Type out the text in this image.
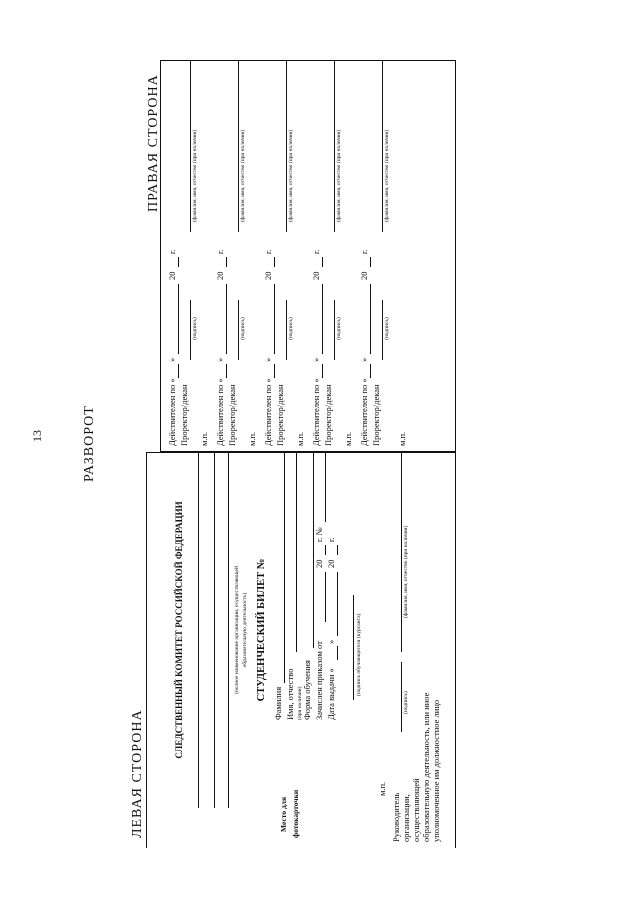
13	РАЗВОРОТ
ЛЕВАЯ СТОРОНА
ПРАВАЯ СТОРОНА
СЛЕДСТВЕННЫЙ КОМИТЕТ РОССИЙСКОЙ ФЕДЕРАЦИИ	(полное наименование организации, осуществляющей образовательную деятельность) СТУДЕНЧЕСКИЙ БИЛЕТ №
Место для фотокарточки
Фамилия Имя, отчество (при наличии) Форма обучения Зачислен приказом от
20
г. №
Дата выдачи «
»
20
г.
(подпись обучающегося (курсанта)
м.п.
Руководитель организации, осуществляющей образовательную деятельность, или иное уполномоченное им должностное лицо
(подпись)
(фамилия, имя, отчество (при наличии)
Действителен по «
»
20
г.
Проректор/декан
(подпись)
(фамилия, имя, отчество (при наличии)
м.п. Действителен по «
»
20
г.
Проректор/декан
(подпись)
(фамилия, имя, отчество (при наличии)
м.п. Действителен по «
»
20
г.
Проректор/декан
(подпись)
(фамилия, имя, отчество (при наличии)
м.п. Действителен по «
»
20
г.
Проректор/декан
(подпись)
(фамилия, имя, отчество (при наличии)
м.п. Действителен по «
»
20
г.
Проректор/декан
(подпись)
(фамилия, имя, отчество (при наличии)
м.п.
